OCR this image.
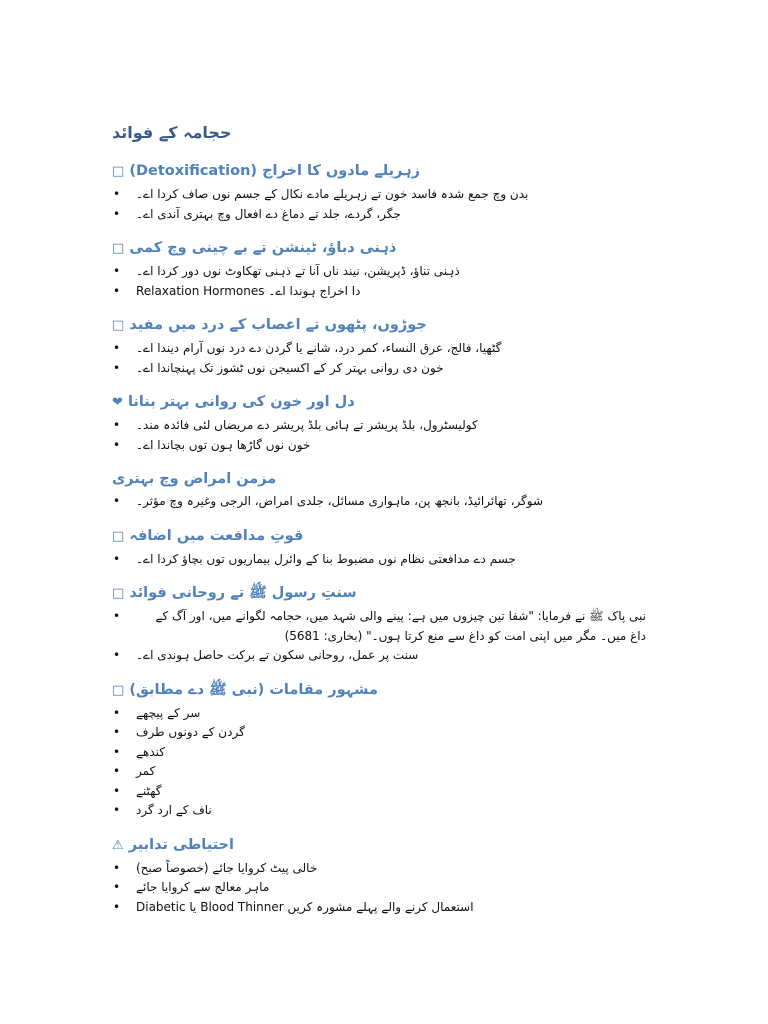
حجامہ کے فوائد
زہریلے مادوں کا اخراج (Detoxification) □
• بدن وچ جمع شدہ فاسد خون تے زہریلے مادے نکال کے جسم نوں صاف کردا اے۔
• جگر، گردے، جلد تے دماغ دے افعال وچ بہتری آندی اے۔
ذہنی دباؤ، ٹینشن تے بے چینی وچ کمی □
• ذہنی تناؤ، ڈپریشن، نیند ناں آنا تے ذہنی تھکاوٹ نوں دور کردا اے۔
• Relaxation Hormones دا اخراج ہوندا اے۔
جوڑوں، پٹھوں تے اعصاب کے درد میں مفید □
• گٹھیا، فالج، عرق النساء، کمر درد، شانے یا گردن دے درد نوں آرام دیندا اے۔
• خون دی روانی بہتر کر کے اکسیجن نوں ٹشوز تک پہنچاندا اے۔
دل اور خون کی روانی بہتر بنانا ❤
• کولیسٹرول، بلڈ پریشر تے ہائی بلڈ پریشر دے مریضاں لئی فائدہ مند۔
• خون نوں گاڑھا ہون توں بچاندا اے۔
مزمن امراض وچ بہتری
• شوگر، تھائرائیڈ، بانجھ پن، ماہواری مسائل، جلدی امراض، الرجی وغیرہ وچ مؤثر۔
قوتِ مدافعت میں اضافہ □
• جسم دے مدافعتی نظام نوں مضبوط بنا کے وائرل بیماریوں توں بچاؤ کردا اے۔
سنتِ رسول ﷺ تے روحانی فوائد □
•	نبی پاک ﷺ نے فرمایا: "شفا تین چیزوں میں ہے: پینے والی شہد میں، حجامہ لگوانے میں، اور آگ کے داغ میں۔ مگر میں اپنی امت کو داغ سے منع کرتا ہوں۔" (بخاری: 5681)
• سنت پر عمل، روحانی سکون تے برکت حاصل ہوندی اے۔
مشہور مقامات (نبی ﷺ دے مطابق) □
• سر کے پیچھے
• گردن کے دونوں طرف
• کندھے
• کمر
• گھٹنے
• ناف کے ارد گرد
احتیاطی تدابیر ⚠
• خالی پیٹ کروایا جائے (خصوصاً صبح)
• ماہر معالج سے کروایا جائے
• Diabetic یا Blood Thinner استعمال کرنے والے پہلے مشورہ کریں
